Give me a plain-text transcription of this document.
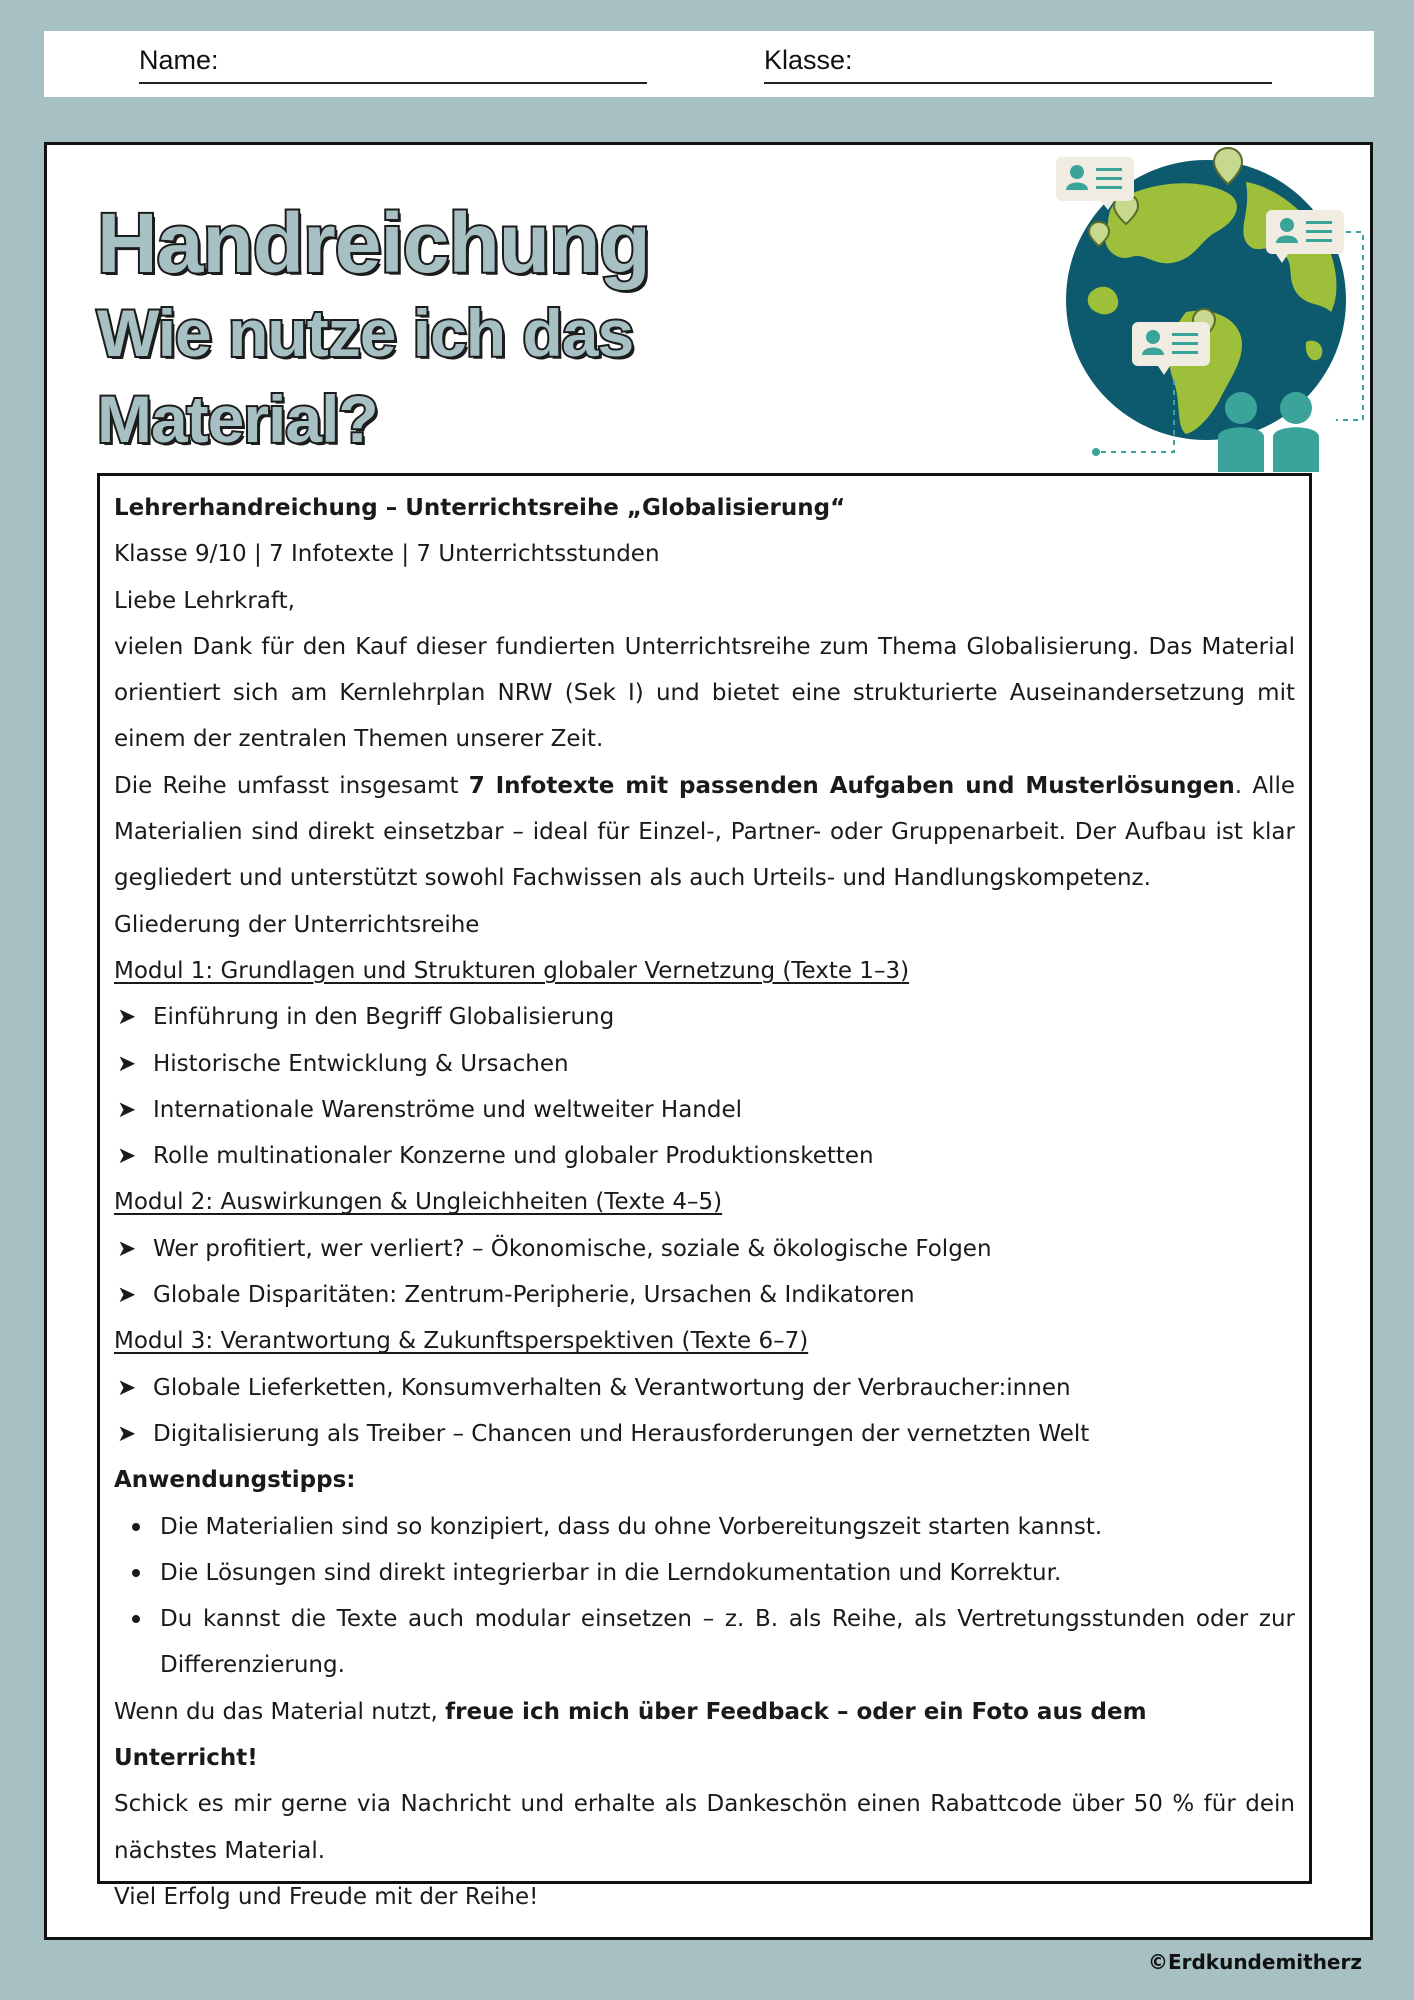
Name:	Klasse:
Handreichung
Wie nutze ich das
Material?

Lehrerhandreichung – Unterrichtsreihe „Globalisierung“

Klasse 9/10 | 7 Infotexte | 7 Unterrichtsstunden

Liebe Lehrkraft,

vielen Dank für den Kauf dieser fundierten Unterrichtsreihe zum Thema Globalisierung. Das Material orientiert sich am Kernlehrplan NRW (Sek I) und bietet eine strukturierte Auseinandersetzung mit einem der zentralen Themen unserer Zeit.

Die Reihe umfasst insgesamt 7 Infotexte mit passenden Aufgaben und Musterlösungen. Alle Materialien sind direkt einsetzbar – ideal für Einzel-, Partner- oder Gruppenarbeit. Der Aufbau ist klar gegliedert und unterstützt sowohl Fachwissen als auch Urteils- und Handlungskompetenz.

Gliederung der Unterrichtsreihe

Modul 1: Grundlagen und Strukturen globaler Vernetzung (Texte 1–3)

➤ Einführung in den Begriff Globalisierung

➤ Historische Entwicklung & Ursachen

➤ Internationale Warenströme und weltweiter Handel

➤ Rolle multinationaler Konzerne und globaler Produktionsketten

Modul 2: Auswirkungen & Ungleichheiten (Texte 4–5)

➤ Wer profitiert, wer verliert? – Ökonomische, soziale & ökologische Folgen

➤ Globale Disparitäten: Zentrum-Peripherie, Ursachen & Indikatoren

Modul 3: Verantwortung & Zukunftsperspektiven (Texte 6–7)

➤ Globale Lieferketten, Konsumverhalten & Verantwortung der Verbraucher:innen

➤ Digitalisierung als Treiber – Chancen und Herausforderungen der vernetzten Welt

Anwendungstipps:

Die Materialien sind so konzipiert, dass du ohne Vorbereitungszeit starten kannst.
Die Lösungen sind direkt integrierbar in die Lerndokumentation und Korrektur.
Du kannst die Texte auch modular einsetzen – z. B. als Reihe, als Vertretungsstunden oder zur Differenzierung.

Wenn du das Material nutzt, freue ich mich über Feedback – oder ein Foto aus dem Unterricht!

Schick es mir gerne via Nachricht und erhalte als Dankeschön einen Rabattcode über 50 % für dein nächstes Material.

Viel Erfolg und Freude mit der Reihe!

©Erdkundemitherz
